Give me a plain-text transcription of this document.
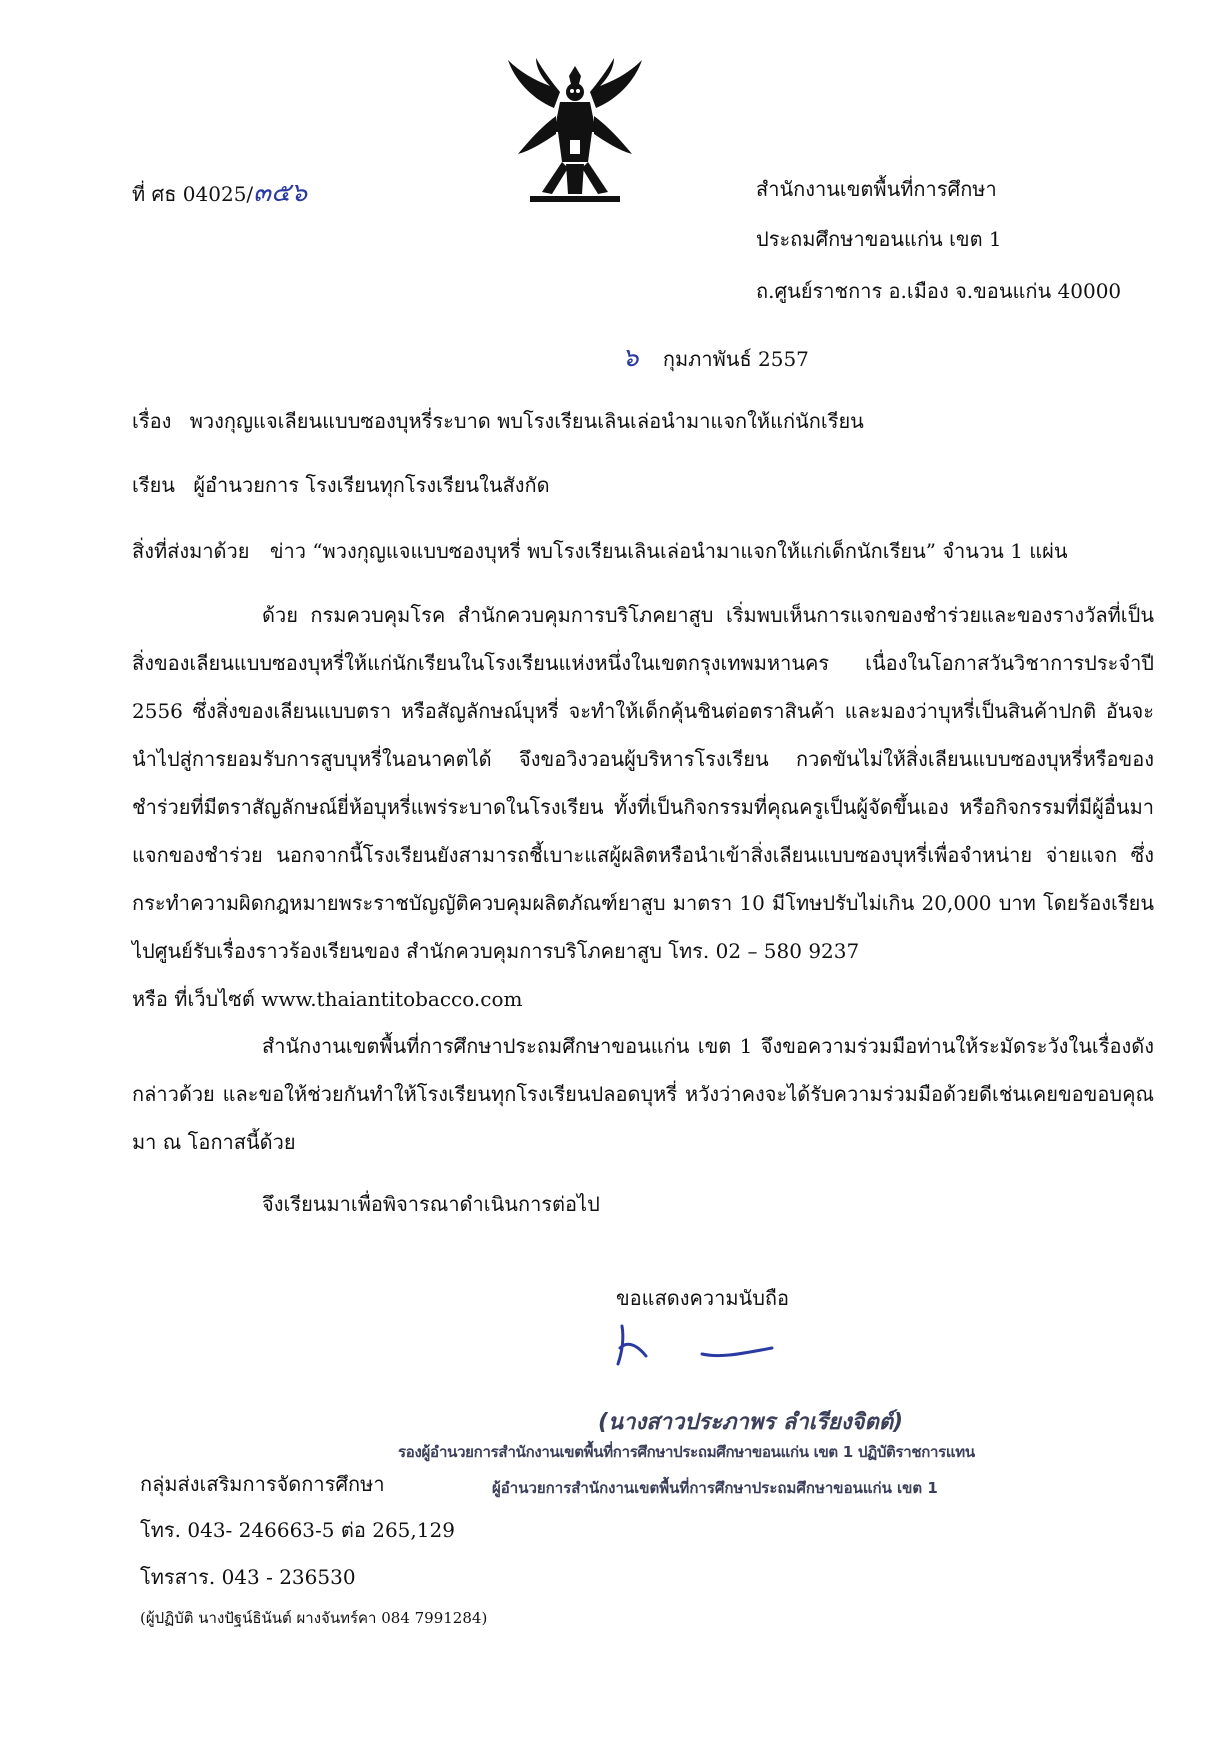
ที่ ศธ 04025/๓๕๖	สำนักงานเขตพื้นที่การศึกษา
ประถมศึกษาขอนแก่น เขต 1
ถ.ศูนย์ราชการ อ.เมือง จ.ขอนแก่น 40000
๖ กุมภาพันธ์ 2557
เรื่อง พวงกุญแจเลียนแบบซองบุหรี่ระบาด พบโรงเรียนเลินเล่อนำมาแจกให้แก่นักเรียน
เรียน ผู้อำนวยการ โรงเรียนทุกโรงเรียนในสังกัด
สิ่งที่ส่งมาด้วย ข่าว “พวงกุญแจแบบซองบุหรี่ พบโรงเรียนเลินเล่อนำมาแจกให้แก่เด็กนักเรียน” จำนวน 1 แผ่น

ด้วย กรมควบคุมโรค สำนักควบคุมการบริโภคยาสูบ เริ่มพบเห็นการแจกของชำร่วยและของรางวัลที่เป็นสิ่งของเลียนแบบซองบุหรี่ให้แก่นักเรียนในโรงเรียนแห่งหนึ่งในเขตกรุงเทพมหานคร เนื่องในโอกาสวันวิชาการประจำปี 2556 ซึ่งสิ่งของเลียนแบบตรา หรือสัญลักษณ์บุหรี่ จะทำให้เด็กคุ้นชินต่อตราสินค้า และมองว่าบุหรี่เป็นสินค้าปกติ อันจะนำไปสู่การยอมรับการสูบบุหรี่ในอนาคตได้ จึงขอวิงวอนผู้บริหารโรงเรียน กวดขันไม่ให้สิ่งเลียนแบบซองบุหรี่หรือของชำร่วยที่มีตราสัญลักษณ์ยี่ห้อบุหรี่แพร่ระบาดในโรงเรียน ทั้งที่เป็นกิจกรรมที่คุณครูเป็นผู้จัดขึ้นเอง หรือกิจกรรมที่มีผู้อื่นมาแจกของชำร่วย นอกจากนี้โรงเรียนยังสามารถชี้เบาะแสผู้ผลิตหรือนำเข้าสิ่งเลียนแบบซองบุหรี่เพื่อจำหน่าย จ่ายแจก ซึ่งกระทำความผิดกฎหมายพระราชบัญญัติควบคุมผลิตภัณฑ์ยาสูบ มาตรา 10 มีโทษปรับไม่เกิน 20,000 บาท โดยร้องเรียนไปศูนย์รับเรื่องราวร้องเรียนของ สำนักควบคุมการบริโภคยาสูบ โทร. 02 – 580 9237

หรือ ที่เว็บไซต์ www.thaiantitobacco.com

สำนักงานเขตพื้นที่การศึกษาประถมศึกษาขอนแก่น เขต 1 จึงขอความร่วมมือท่านให้ระมัดระวังในเรื่องดังกล่าวด้วย และขอให้ช่วยกันทำให้โรงเรียนทุกโรงเรียนปลอดบุหรี่ หวังว่าคงจะได้รับความร่วมมือด้วยดีเช่นเคยขอขอบคุณมา ณ โอกาสนี้ด้วย

จึงเรียนมาเพื่อพิจารณาดำเนินการต่อไป
ขอแสดงความนับถือ
(นางสาวประภาพร ลำเรียงจิตต์)
รองผู้อำนวยการสำนักงานเขตพื้นที่การศึกษาประถมศึกษาขอนแก่น เขต 1 ปฏิบัติราชการแทน
ผู้อำนวยการสำนักงานเขตพื้นที่การศึกษาประถมศึกษาขอนแก่น เขต 1
กลุ่มส่งเสริมการจัดการศึกษา
โทร. 043- 246663-5 ต่อ 265,129
โทรสาร. 043 - 236530
(ผู้ปฏิบัติ นางปัฐน์ธินันต์ ผางจันทร์คา 084 7991284)
